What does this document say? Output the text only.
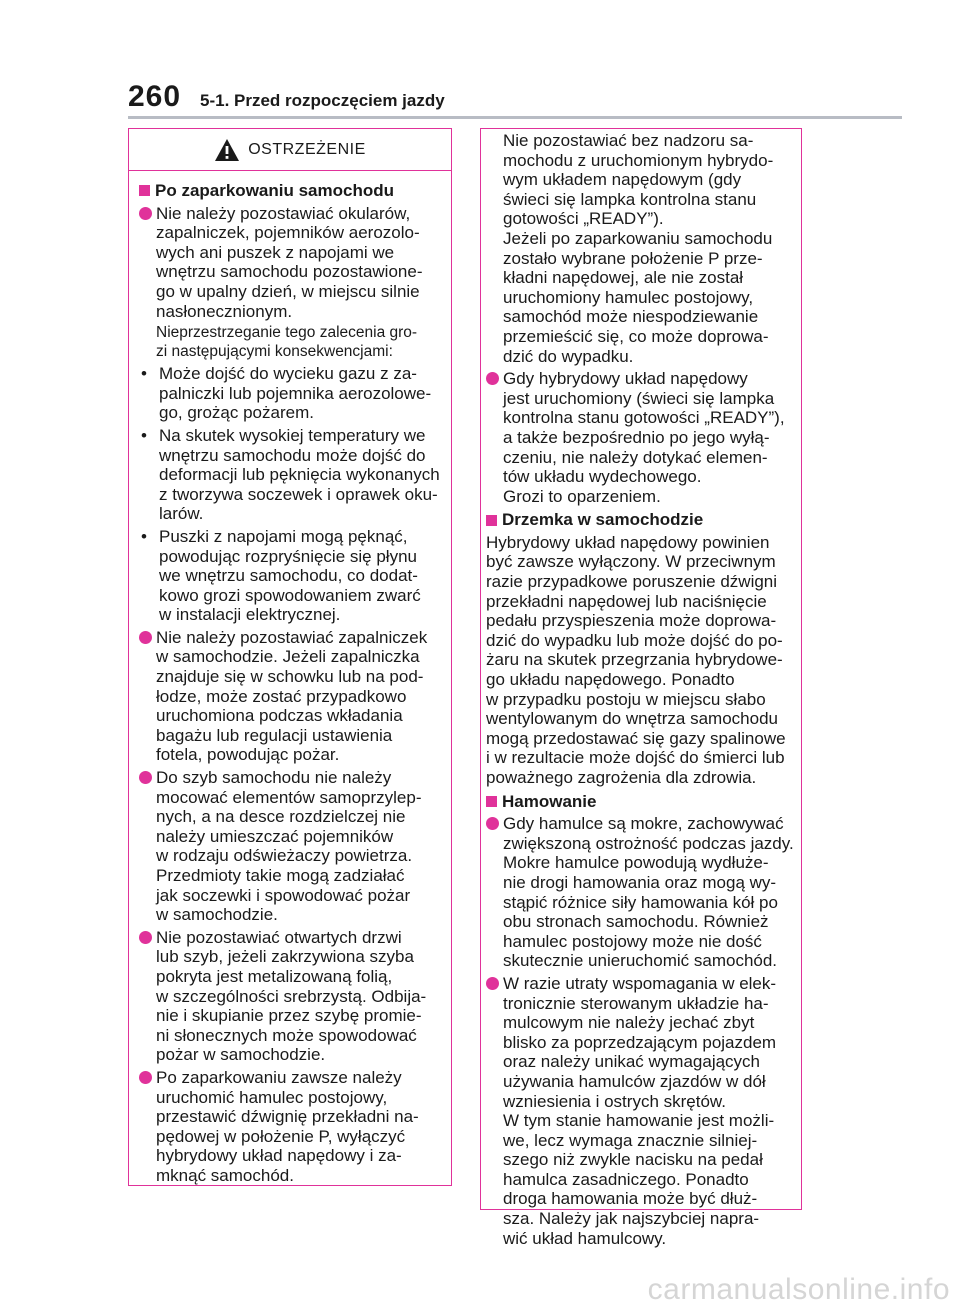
260	5-1. Przed rozpoczęciem jazdy
OSTRZEŻENIE
Po zaparkowaniu samochodu
Nie należy pozostawiać okularów,
zapalniczek, pojemników aerozolo-
wych ani puszek z napojami we
wnętrzu samochodu pozostawione-
go w upalny dzień, w miejscu silnie
nasłonecznionym.
Nieprzestrzeganie tego zalecenia gro-
zi następującymi konsekwencjami:
• Może dojść do wycieku gazu z za-
palniczki lub pojemnika aerozolowe-
go, grożąc pożarem.
• Na skutek wysokiej temperatury we
wnętrzu samochodu może dojść do
deformacji lub pęknięcia wykonanych
z tworzywa soczewek i oprawek oku-
larów.
• Puszki z napojami mogą pęknąć,
powodując rozpryśnięcie się płynu
we wnętrzu samochodu, co dodat-
kowo grozi spowodowaniem zwarć
w instalacji elektrycznej.
Nie należy pozostawiać zapalniczek
w samochodzie. Jeżeli zapalniczka
znajduje się w schowku lub na pod-
łodze, może zostać przypadkowo
uruchomiona podczas wkładania
bagażu lub regulacji ustawienia
fotela, powodując pożar.
Do szyb samochodu nie należy
mocować elementów samoprzylep-
nych, a na desce rozdzielczej nie
należy umieszczać pojemników
w rodzaju odświeżaczy powietrza.
Przedmioty takie mogą zadziałać
jak soczewki i spowodować pożar
w samochodzie.
Nie pozostawiać otwartych drzwi
lub szyb, jeżeli zakrzywiona szyba
pokryta jest metalizowaną folią,
w szczególności srebrzystą. Odbija-
nie i skupianie przez szybę promie-
ni słonecznych może spowodować
pożar w samochodzie.
Po zaparkowaniu zawsze należy
uruchomić hamulec postojowy,
przestawić dźwignię przekładni na-
pędowej w położenie P, wyłączyć
hybrydowy układ napędowy i za-
mknąć samochód.
Nie pozostawiać bez nadzoru sa-
mochodu z uruchomionym hybrydo-
wym układem napędowym (gdy
świeci się lampka kontrolna stanu
gotowości „READY”).
Jeżeli po zaparkowaniu samochodu
zostało wybrane położenie P prze-
kładni napędowej, ale nie został
uruchomiony hamulec postojowy,
samochód może niespodziewanie
przemieścić się, co może doprowa-
dzić do wypadku.
Gdy hybrydowy układ napędowy
jest uruchomiony (świeci się lampka
kontrolna stanu gotowości „READY”),
a także bezpośrednio po jego wyłą-
czeniu, nie należy dotykać elemen-
tów układu wydechowego.
Grozi to oparzeniem.
Drzemka w samochodzie
Hybrydowy układ napędowy powinien
być zawsze wyłączony. W przeciwnym
razie przypadkowe poruszenie dźwigni
przekładni napędowej lub naciśnięcie
pedału przyspieszenia może doprowa-
dzić do wypadku lub może dojść do po-
żaru na skutek przegrzania hybrydowe-
go układu napędowego. Ponadto
w przypadku postoju w miejscu słabo
wentylowanym do wnętrza samochodu
mogą przedostawać się gazy spalinowe
i w rezultacie może dojść do śmierci lub
poważnego zagrożenia dla zdrowia.
Hamowanie
Gdy hamulce są mokre, zachowywać
zwiększoną ostrożność podczas jazdy.
Mokre hamulce powodują wydłuże-
nie drogi hamowania oraz mogą wy-
stąpić różnice siły hamowania kół po
obu stronach samochodu. Również
hamulec postojowy może nie dość
skutecznie unieruchomić samochód.
W razie utraty wspomagania w elek-
tronicznie sterowanym układzie ha-
mulcowym nie należy jechać zbyt
blisko za poprzedzającym pojazdem
oraz należy unikać wymagających
używania hamulców zjazdów w dół
wzniesienia i ostrych skrętów.
W tym stanie hamowanie jest możli-
we, lecz wymaga znacznie silniej-
szego niż zwykle nacisku na pedał
hamulca zasadniczego. Ponadto
droga hamowania może być dłuż-
sza. Należy jak najszybciej napra-
wić układ hamulcowy.
carmanualsonline.info
